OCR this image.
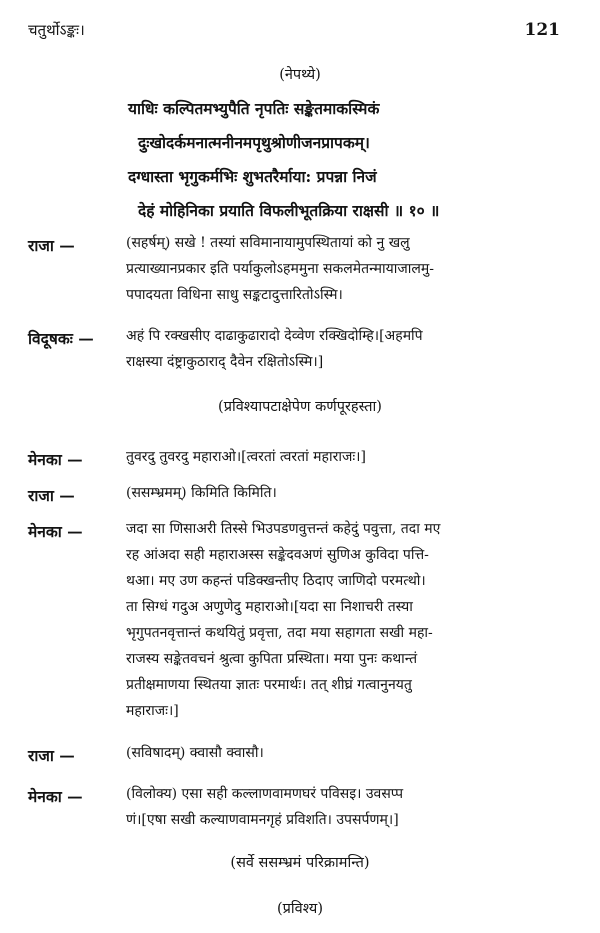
चतुर्थोऽङ्कः।	121
(नेपथ्ये)
याधिः कल्पितमभ्युपैति नृपतिः सङ्केतमाकस्मिकं
दुःखोदर्कमनात्मनीनमपृथुश्रोणीजनप्रापकम्।
दग्धास्ता भृगुकर्मभिः शुभतरैर्माया: प्रपन्ना निजं
देहं मोहिनिका प्रयाति विफलीभूतक्रिया राक्षसी ॥ १० ॥
राजा —	(सहर्षम्) सखे ! तस्यां सविमानायामुपस्थितायां को नु खलु
प्रत्याख्यानप्रकार इति पर्याकुलोऽहममुना सकलमेतन्मायाजालमु-
पपादयता विधिना साधु सङ्कटादुत्तारितोऽस्मि।
विदूषकः — अहं पि रक्खसीए दाढाकुढारादो देव्वेण रक्खिदोम्हि।[अहमपि
राक्षस्या दंष्ट्राकुठाराद् दैवेन रक्षितोऽस्मि।]
(प्रविश्यापटाक्षेपेण कर्णपूरहस्ता)
मेनका —	तुवरदु तुवरदु महाराओ।[त्वरतां त्वरतां महाराजः।]
राजा —	(ससम्भ्रमम्) किमिति किमिति।
मेनका —	जदा सा णिसाअरी तिस्से भिउपडणवुत्तन्तं कहेदुं पवुत्ता, तदा मए
रह आंअदा सही महाराअस्स सङ्केदवअणं सुणिअ कुविदा पत्ति-
थआ। मए उण कहन्तं पडिक्खन्तीए ठिदाए जाणिदो परमत्थो।
ता सिग्धं गदुअ अणुणेदु महाराओ।[यदा सा निशाचरी तस्या
भृगुपतनवृत्तान्तं कथयितुं प्रवृत्ता, तदा मया सहागता सखी महा-
राजस्य सङ्केतवचनं श्रुत्वा कुपिता प्रस्थिता। मया पुनः कथान्तं
प्रतीक्षमाणया स्थितया ज्ञातः परमार्थः। तत् शीघ्रं गत्वानुनयतु
महाराजः।]
राजा —	(सविषादम्) क्वासौ क्वासौ।
मेनका —	(विलोक्य) एसा सही कल्लाणवामणघरं पविसइ। उवसप्प
णं।[एषा सखी कल्याणवामनगृहं प्रविशति। उपसर्पणम्।]
(सर्वे ससम्भ्रमं परिक्रामन्ति)
(प्रविश्य)
